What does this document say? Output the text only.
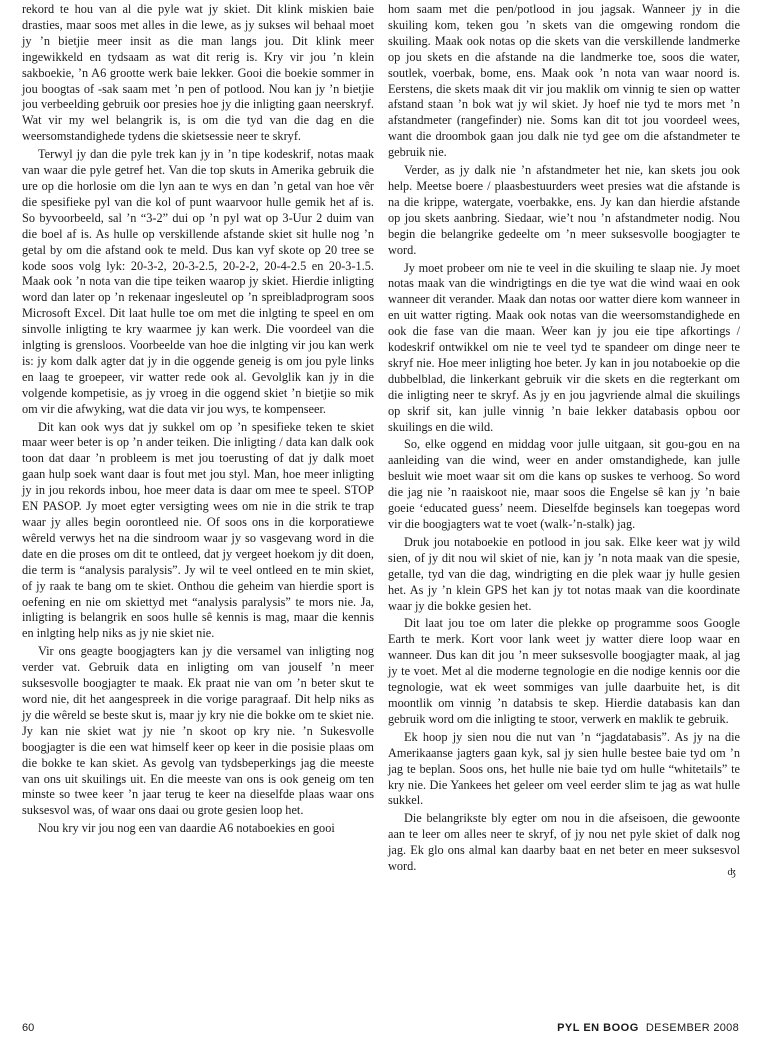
rekord te hou van al die pyle wat jy skiet. Dit klink miskien baie drasties, maar soos met alles in die lewe, as jy sukses wil behaal moet jy ’n bietjie meer insit as die man langs jou. Dit klink meer ingewikkeld en tydsaam as wat dit rerig is. Kry vir jou ’n klein sakboekie, ’n A6 grootte werk baie lekker. Gooi die boekie sommer in jou boogtas of -sak saam met ’n pen of potlood. Nou kan jy ’n bietjie jou verbeelding gebruik oor presies hoe jy die inligting gaan neerskryf. Wat vir my wel belangrik is, is om die tyd van die dag en die weersomstandighede tydens die skietsessie neer te skryf.

Terwyl jy dan die pyle trek kan jy in ’n tipe kodeskrif, notas maak van waar die pyle getref het. Van die top skuts in Amerika gebruik die ure op die horlosie om die lyn aan te wys en dan ’n getal van hoe vêr die spesifieke pyl van die kol of punt waarvoor hulle gemik het af is. So byvoorbeeld, sal ’n “3-2” dui op ’n pyl wat op 3-Uur 2 duim van die boel af is. As hulle op verskillende afstande skiet sit hulle nog ’n getal by om die afstand ook te meld. Dus kan vyf skote op 20 tree se kode soos volg lyk: 20-3-2, 20-3-2.5, 20-2-2, 20-4-2.5 en 20-3-1.5. Maak ook ’n nota van die tipe teiken waarop jy skiet. Hierdie inligting word dan later op ’n rekenaar ingesleutel op ’n spreibladprogram soos Microsoft Excel. Dit laat hulle toe om met die inlgting te speel en om sinvolle inligting te kry waarmee jy kan werk. Die voordeel van die inlgting is grensloos. Voorbeelde van hoe die inlgting vir jou kan werk is: jy kom dalk agter dat jy in die oggende geneig is om jou pyle links en laag te groepeer, vir watter rede ook al. Gevolglik kan jy in die volgende kompetisie, as jy vroeg in die oggend skiet ’n bietjie so mik om vir die afwyking, wat die data vir jou wys, te kompenseer.

Dit kan ook wys dat jy sukkel om op ’n spesifieke teken te skiet maar weer beter is op ’n ander teiken. Die inligting / data kan dalk ook toon dat daar ’n probleem is met jou toerusting of dat jy dalk moet gaan hulp soek want daar is fout met jou styl. Man, hoe meer inligting jy in jou rekords inbou, hoe meer data is daar om mee te speel. STOP EN PASOP. Jy moet egter versigting wees om nie in die strik te trap waar jy alles begin oorontleed nie. Of soos ons in die korporatiewe wêreld verwys het na die sindroom waar jy so vasgevang word in die date en die proses om dit te ontleed, dat jy vergeet hoekom jy dit doen, die term is “analysis paralysis”. Jy wil te veel ontleed en te min skiet, of jy raak te bang om te skiet. Onthou die geheim van hierdie sport is oefening en nie om skiettyd met “analysis paralysis” te mors nie. Ja, inligting is belangrik en soos hulle sê kennis is mag, maar die kennis en inlgting help niks as jy nie skiet nie.

Vir ons geagte boogjagters kan jy die versamel van inligting nog verder vat. Gebruik data en inligting om van jouself ’n meer suksesvolle boogjagter te maak. Ek praat nie van om ’n beter skut te word nie, dit het aangespreek in die vorige paragraaf. Dit help niks as jy die wêreld se beste skut is, maar jy kry nie die bokke om te skiet nie. Jy kan nie skiet wat jy nie ’n skoot op kry nie. ’n Sukesvolle boogjagter is die een wat himself keer op keer in die posisie plaas om die bokke te kan skiet. As gevolg van tydsbeperkings jag die meeste van ons uit skuilings uit. En die meeste van ons is ook geneig om ten minste so twee keer ’n jaar terug te keer na dieselfde plaas waar ons suksesvol was, of waar ons daai ou grote gesien loop het.

Nou kry vir jou nog een van daardie A6 notaboekies en gooi

hom saam met die pen/potlood in jou jagsak. Wanneer jy in die skuiling kom, teken gou ’n skets van die omgewing rondom die skuiling. Maak ook notas op die skets van die verskillende landmerke op jou skets en die afstande na die landmerke toe, soos die water, soutlek, voerbak, bome, ens. Maak ook ’n nota van waar noord is. Eerstens, die skets maak dit vir jou maklik om vinnig te sien op watter afstand staan ’n bok wat jy wil skiet. Jy hoef nie tyd te mors met ’n afstandmeter (rangefinder) nie. Soms kan dit tot jou voordeel wees, want die droombok gaan jou dalk nie tyd gee om die afstandmeter te gebruik nie.

Verder, as jy dalk nie ’n afstandmeter het nie, kan skets jou ook help. Meetse boere / plaasbestuurders weet presies wat die afstande is na die krippe, watergate, voerbakke, ens. Jy kan dan hierdie afstande op jou skets aanbring. Siedaar, wie’t nou ’n afstandmeter nodig. Nou begin die belangrike gedeelte om ’n meer suksesvolle boogjagter te word.

Jy moet probeer om nie te veel in die skuiling te slaap nie. Jy moet notas maak van die windrigtings en die tye wat die wind waai en ook wanneer dit verander. Maak dan notas oor watter diere kom wanneer in en uit watter rigting. Maak ook notas van die weersomstandighede en ook die fase van die maan. Weer kan jy jou eie tipe afkortings / kodeskrif ontwikkel om nie te veel tyd te spandeer om dinge neer te skryf nie. Hoe meer inligting hoe beter. Jy kan in jou notaboekie op die dubbelblad, die linkerkant gebruik vir die skets en die regterkant om die inligting neer te skryf. As jy en jou jagvriende almal die skuilings op skrif sit, kan julle vinnig ’n baie lekker databasis opbou oor skuilings en die wild.

So, elke oggend en middag voor julle uitgaan, sit gou-gou en na aanleiding van die wind, weer en ander omstandighede, kan julle besluit wie moet waar sit om die kans op suskes te verhoog. So word die jag nie ’n raaiskoot nie, maar soos die Engelse sê kan jy ’n baie goeie ‘educated guess’ neem. Dieselfde beginsels kan toegepas word vir die boogjagters wat te voet (walk-’n-stalk) jag.

Druk jou notaboekie en potlood in jou sak. Elke keer wat jy wild sien, of jy dit nou wil skiet of nie, kan jy ’n nota maak van die spesie, getalle, tyd van die dag, windrigting en die plek waar jy hulle gesien het. As jy ’n klein GPS het kan jy tot notas maak van die koordinate waar jy die bokke gesien het.

Dit laat jou toe om later die plekke op programme soos Google Earth te merk. Kort voor lank weet jy watter diere loop waar en wanneer. Dus kan dit jou ’n meer suksesvolle boogjagter maak, al jag jy te voet. Met al die moderne tegnologie en die nodige kennis oor die tegnologie, wat ek weet sommiges van julle daarbuite het, is dit moontlik om vinnig ’n databsis te skep. Hierdie databasis kan dan gebruik word om die inligting te stoor, verwerk en maklik te gebruik.

Ek hoop jy sien nou die nut van ’n “jagdatabasis”. As jy na die Amerikaanse jagters gaan kyk, sal jy sien hulle bestee baie tyd om ’n jag te beplan. Soos ons, het hulle nie baie tyd om hulle “whitetails” te kry nie. Die Yankees het geleer om veel eerder slim te jag as wat hulle sukkel.

Die belangrikste bly egter om nou in die afseisoen, die gewoonte aan te leer om alles neer te skryf, of jy nou net pyle skiet of dalk nog jag. Ek glo ons almal kan daarby baat en net beter en meer suksesvol word.	ʤ
60	PYL EN BOOG DESEMBER 2008
